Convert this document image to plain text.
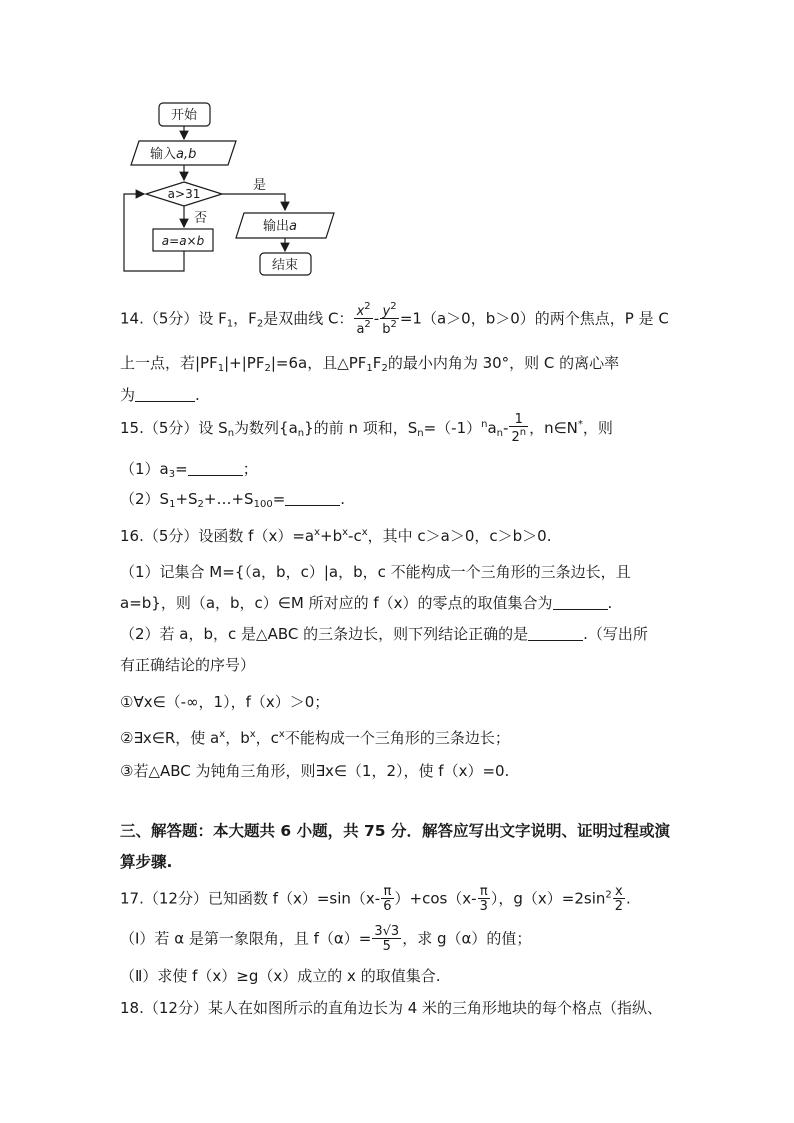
开始
输入a,b
a>31
是
否
a=a×b
输出a
结束
14.（5分）设 $F_1$，$F_2$是双曲线 C： $\frac{x^2}{a^2} - \frac{y^2}{b^2} =1(a>0$，b＞0）的两个焦点，P 是 C
上一点，若$|PF_1|+|PF_2|=6a$，且$\triangle PF_1F_2$的最小内角为 30°，则 C 的离心率
为	.
15.（5分）设 $S_n$为数列$\{a_n\}$的前 n 项和，$S_n=(-1)^na_n- \frac{1}{2^n}$ ，n∈N*，则
$(1)a_3=$	；
$(2)S_1+S_2+\dots+S_{100}=$	.
16.（5分）设函数 $f(x)=a^x+b^x-c^x$，其中 c＞a＞0，c＞b＞0.
（1）记集合 M={（a，b，c）|a，b，c 不能构成一个三角形的三条边长，且
a=b}，则（a，b，c）∈M 所对应的 f（x）的零点的取值集合为	.
（2）若 a，b，c 是△ABC 的三条边长，则下列结论正确的是	.（写出所
有正确结论的序号）
①∀x∈（-∞，1），f（x）＞0；
②∃x∈R，使 $a^x$，$b^x$，$c^x$不能构成一个三角形的三条边长；
③若△ABC 为钝角三角形，则∃x∈（1，2），使 f（x）=0.
三、解答题：本大题共 6 小题，共 75 分．解答应写出文字说明、证明过程或演
算步骤.
17.（12分）已知函数 $f(x)=\sin(x- \frac{\pi}{6} )+\cos(x- \frac{\pi}{3}$ ），$g(x)=2\sin^2 \frac{x}{2}$ .
（Ⅰ）若 α 是第一象限角，且 $f(\alpha)= \frac{3√3}{5}$ ，求 g（α）的值；
（Ⅱ）求使 f（x）≥g（x）成立的 x 的取值集合.
18.（12分）某人在如图所示的直角边长为 4 米的三角形地块的每个格点（指纵、
